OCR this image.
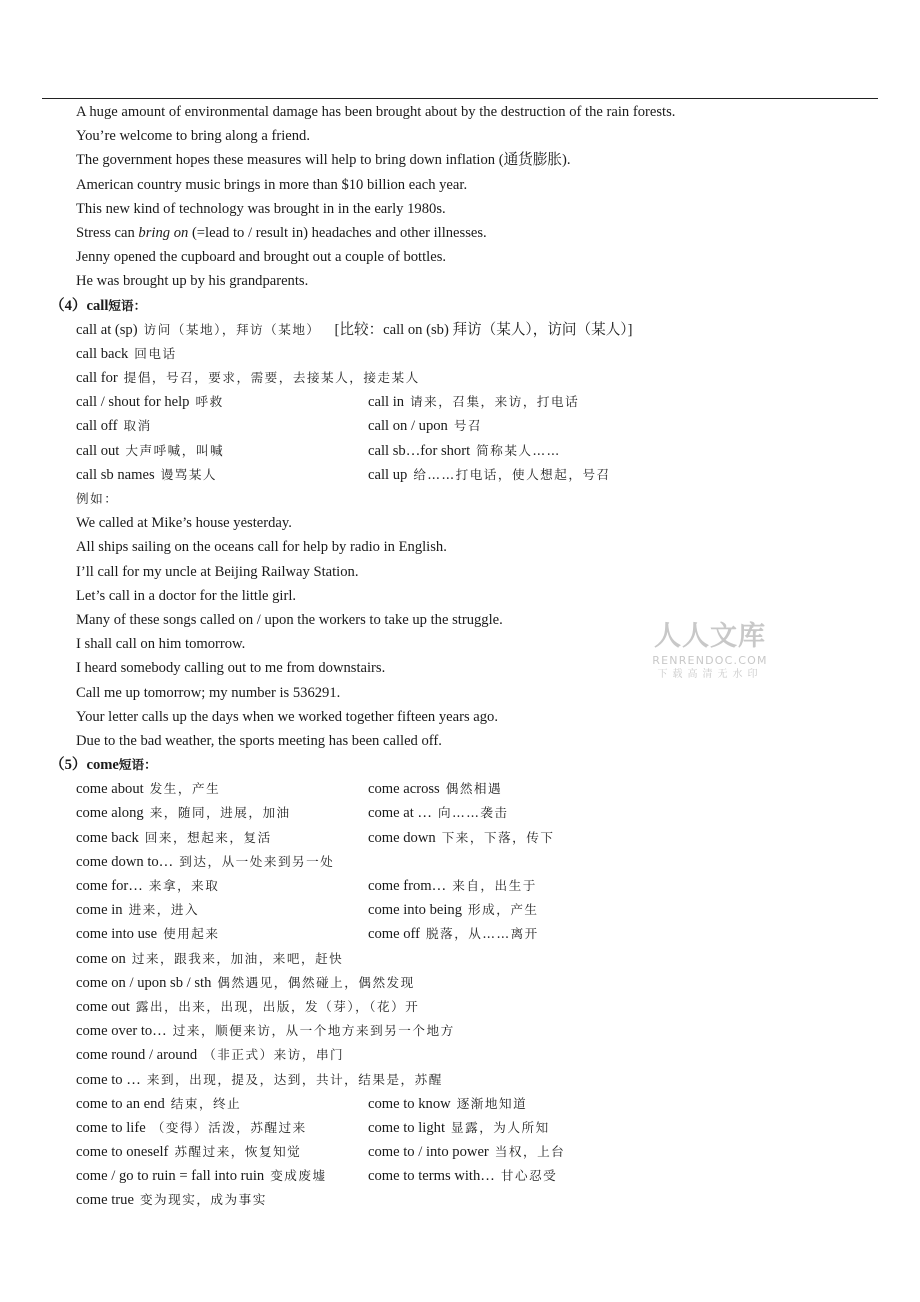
A huge amount of environmental damage has been brought about by the destruction of the rain forests.
You’re welcome to bring along a friend.
The government hopes these measures will help to bring down inflation (通货膨胀).
American country music brings in more than $10 billion each year.
This new kind of technology was brought in in the early 1980s.
Stress can bring on (=lead to / result in) headaches and other illnesses.
Jenny opened the cupboard and brought out a couple of bottles.
He was brought up by his grandparents.
（4）call短语：
call at (sp) 访问（某地），拜访（某地） [比较：call on (sb) 拜访（某人），访问（某人）]
call back 回电话
call for 提倡，号召，要求，需要，去接某人，接走某人
call / shout for help 呼救	call in 请来，召集，来访，打电话
call off 取消	call on / upon 号召
call out 大声呼喊，叫喊	call sb…for short 简称某人……
call sb names 谩骂某人	call up 给……打电话，使人想起，号召
例如：
We called at Mike’s house yesterday.
All ships sailing on the oceans call for help by radio in English.
I’ll call for my uncle at Beijing Railway Station.
Let’s call in a doctor for the little girl.
Many of these songs called on / upon the workers to take up the struggle.
I shall call on him tomorrow.
I heard somebody calling out to me from downstairs.
Call me up tomorrow; my number is 536291.
Your letter calls up the days when we worked together fifteen years ago.
Due to the bad weather, the sports meeting has been called off.
（5）come短语：
come about 发生，产生	come across 偶然相遇
come along 来，随同，进展，加油	come at … 向……袭击
come back 回来，想起来，复活	come down 下来，下落，传下
come down to… 到达，从一处来到另一处
come for… 来拿，来取	come from… 来自，出生于
come in 进来，进入	come into being 形成，产生
come into use 使用起来	come off 脱落，从……离开
come on 过来，跟我来，加油，来吧，赶快
come on / upon sb / sth 偶然遇见，偶然碰上，偶然发现
come out 露出，出来，出现，出版，发（芽），（花）开
come over to… 过来，顺便来访，从一个地方来到另一个地方
come round / around （非正式）来访，串门
come to … 来到，出现，提及，达到，共计，结果是，苏醒
come to an end 结束，终止	come to know 逐渐地知道
come to life （变得）活泼，苏醒过来	come to light 显露，为人所知
come to oneself 苏醒过来，恢复知觉	come to / into power 当权，上台
come / go to ruin = fall into ruin 变成废墟	come to terms with… 甘心忍受
come true 变为现实，成为事实
人人文库
RENRENDOC.COM
下载高清无水印
